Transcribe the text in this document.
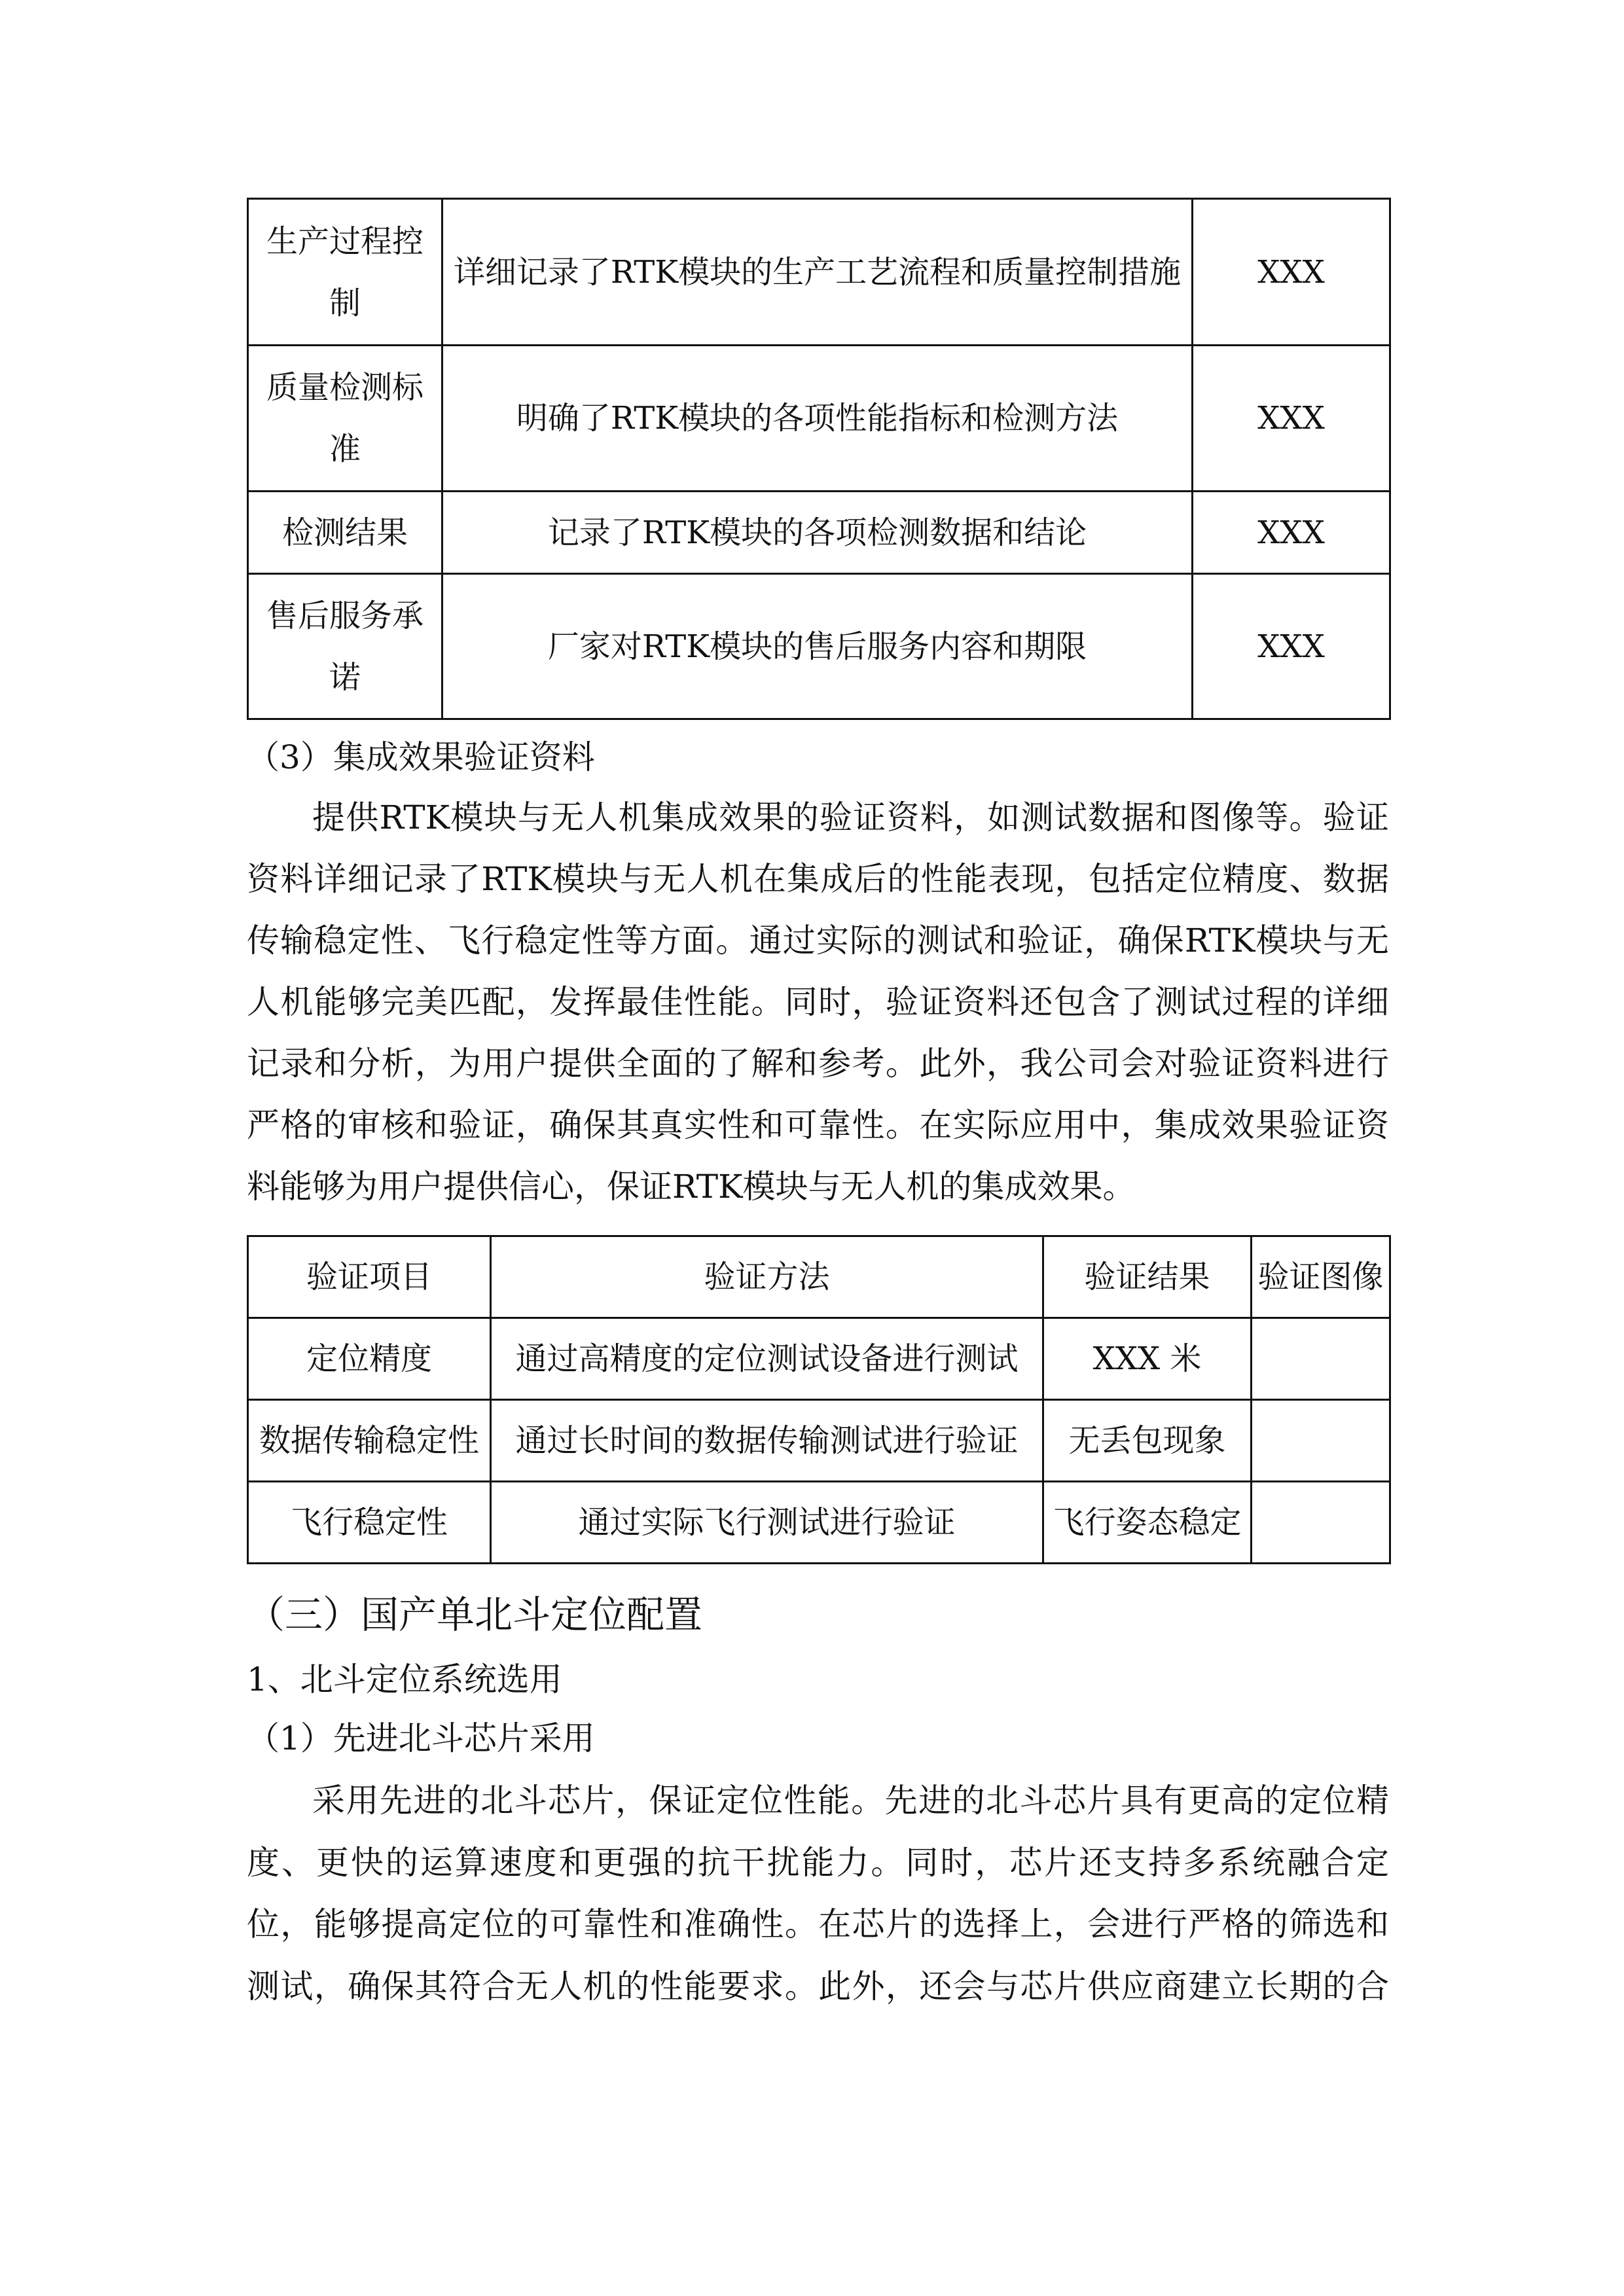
生产过程控制	详细记录了RTK模块的生产工艺流程和质量控制措施	XXX
质量检测标准	明确了RTK模块的各项性能指标和检测方法	XXX
检测结果	记录了RTK模块的各项检测数据和结论	XXX
售后服务承诺	厂家对RTK模块的售后服务内容和期限	XXX
（3）集成效果验证资料
提供RTK模块与无人机集成效果的验证资料，如测试数据和图像等。验证
资料详细记录了RTK模块与无人机在集成后的性能表现，包括定位精度、数据
传输稳定性、飞行稳定性等方面。通过实际的测试和验证，确保RTK模块与无
人机能够完美匹配，发挥最佳性能。同时，验证资料还包含了测试过程的详细
记录和分析，为用户提供全面的了解和参考。此外，我公司会对验证资料进行
严格的审核和验证，确保其真实性和可靠性。在实际应用中，集成效果验证资
料能够为用户提供信心，保证RTK模块与无人机的集成效果。
验证项目	验证方法	验证结果	验证图像
定位精度	通过高精度的定位测试设备进行测试	XXX 米	
数据传输稳定性	通过长时间的数据传输测试进行验证	无丢包现象	
飞行稳定性	通过实际飞行测试进行验证	飞行姿态稳定	
（三）国产单北斗定位配置
1、北斗定位系统选用
（1）先进北斗芯片采用
采用先进的北斗芯片，保证定位性能。先进的北斗芯片具有更高的定位精
度、更快的运算速度和更强的抗干扰能力。同时，芯片还支持多系统融合定
位，能够提高定位的可靠性和准确性。在芯片的选择上，会进行严格的筛选和
测试，确保其符合无人机的性能要求。此外，还会与芯片供应商建立长期的合
